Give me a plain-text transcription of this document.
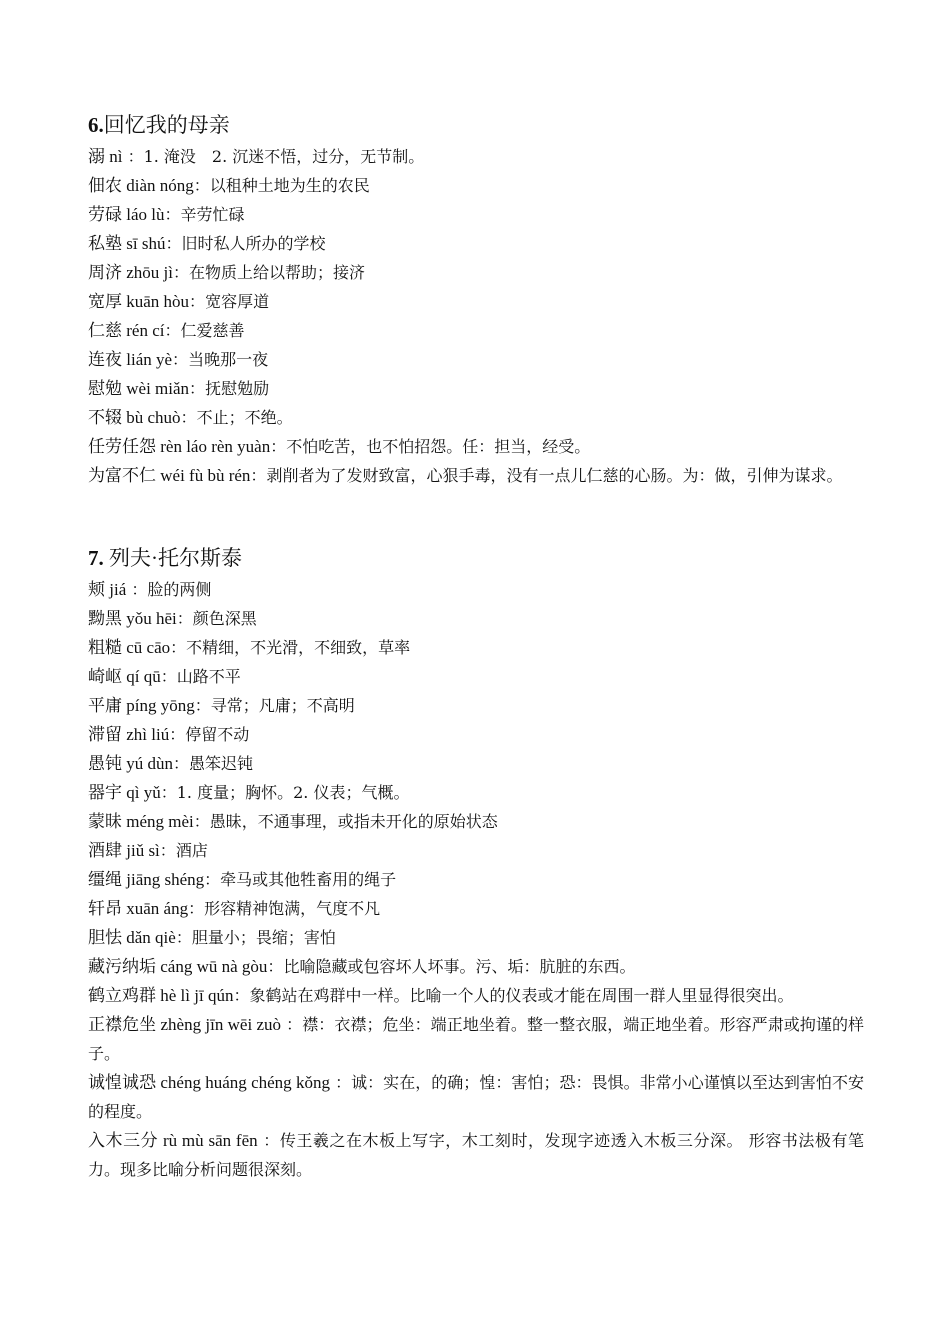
6.回忆我的母亲

溺 nì ：1. 淹没　2. 沉迷不悟，过分，无节制。

佃农 diàn nóng：以租种土地为生的农民

劳碌 láo lù：辛劳忙碌

私塾 sī shú：旧时私人所办的学校

周济 zhōu jì：在物质上给以帮助；接济

宽厚 kuān hòu：宽容厚道

仁慈 rén cí：仁爱慈善

连夜 lián yè：当晚那一夜

慰勉 wèi miǎn：抚慰勉励

不辍 bù chuò：不止；不绝。

任劳任怨 rèn láo rèn yuàn：不怕吃苦，也不怕招怨。任：担当，经受。

为富不仁 wéi fù bù rén：剥削者为了发财致富，心狠手毒，没有一点儿仁慈的心肠。为：做，引伸为谋求。

7. 列夫·托尔斯泰

颊 jiá ：脸的两侧

黝黑 yǒu hēi：颜色深黑

粗糙 cū cāo：不精细，不光滑，不细致，草率

崎岖 qí qū：山路不平

平庸 píng yōng：寻常；凡庸；不高明

滞留 zhì liú：停留不动

愚钝 yú dùn：愚笨迟钝

器宇 qì yǔ：1. 度量；胸怀。2. 仪表；气概。

蒙昧 méng mèi：愚昧，不通事理，或指未开化的原始状态

酒肆 jiǔ sì：酒店

缰绳 jiāng shéng：牵马或其他牲畜用的绳子

轩昂 xuān áng：形容精神饱满，气度不凡

胆怯 dǎn qiè：胆量小；畏缩；害怕

藏污纳垢 cáng wū nà gòu：比喻隐藏或包容坏人坏事。污、垢：肮脏的东西。

鹤立鸡群 hè lì jī qún：象鹤站在鸡群中一样。比喻一个人的仪表或才能在周围一群人里显得很突出。

正襟危坐 zhèng jīn wēi zuò ：襟：衣襟；危坐：端正地坐着。整一整衣服，端正地坐着。形容严肃或拘谨的样子。

诚惶诚恐 chéng huáng chéng kǒng ：诚：实在，的确；惶：害怕；恐：畏惧。非常小心谨慎以至达到害怕不安的程度。

入木三分 rù mù sān fēn ：传王羲之在木板上写字，木工刻时，发现字迹透入木板三分深。 形容书法极有笔力。现多比喻分析问题很深刻。
